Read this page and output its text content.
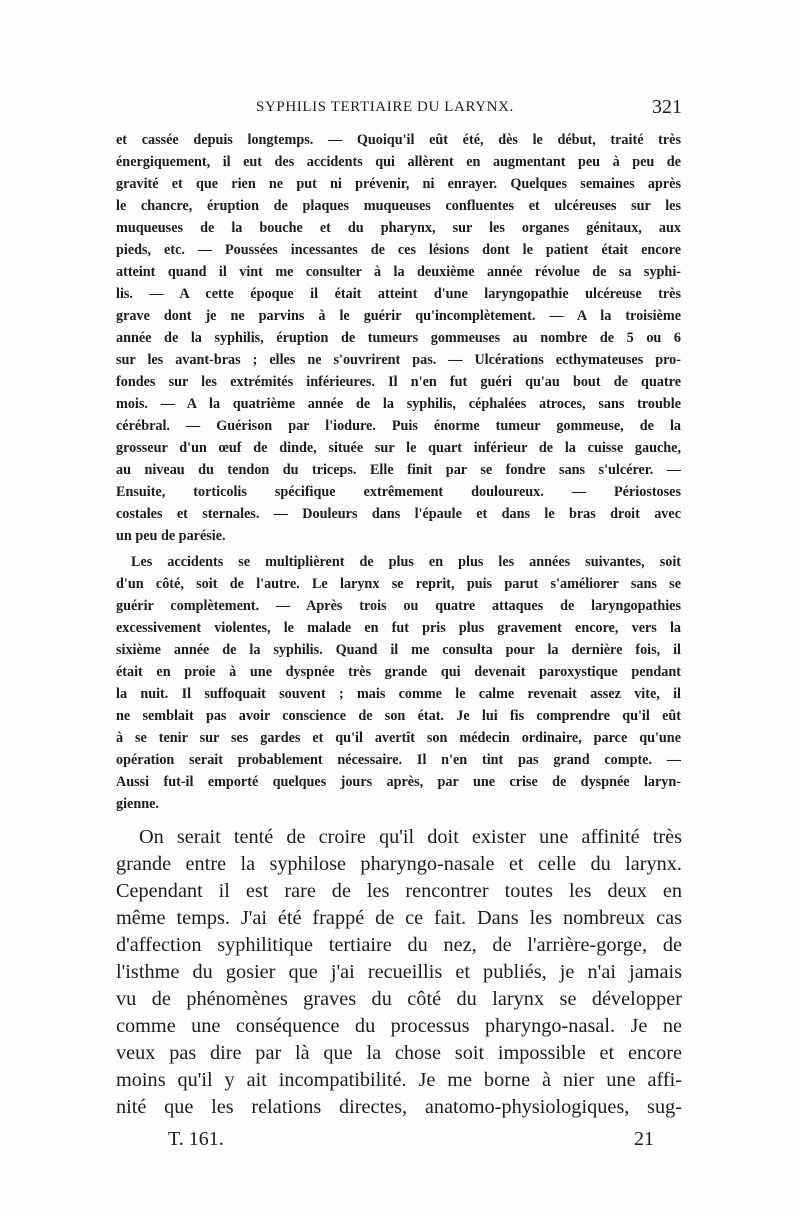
SYPHILIS TERTIAIRE DU LARYNX.	321
et cassée depuis longtemps. — Quoiqu'il eût été, dès le début, traité très
énergiquement, il eut des accidents qui allèrent en augmentant peu à peu de
gravité et que rien ne put ni prévenir, ni enrayer. Quelques semaines après
le chancre, éruption de plaques muqueuses confluentes et ulcéreuses sur les
muqueuses de la bouche et du pharynx, sur les organes génitaux, aux
pieds, etc. — Poussées incessantes de ces lésions dont le patient était encore
atteint quand il vint me consulter à la deuxième année révolue de sa syphi-
lis. — A cette époque il était atteint d'une laryngopathie ulcéreuse très
grave dont je ne parvins à le guérir qu'incomplètement. — A la troisième
année de la syphilis, éruption de tumeurs gommeuses au nombre de 5 ou 6
sur les avant-bras ; elles ne s'ouvrirent pas. — Ulcérations ecthymateuses pro-
fondes sur les extrémités inférieures. Il n'en fut guéri qu'au bout de quatre
mois. — A la quatrième année de la syphilis, céphalées atroces, sans trouble
cérébral. — Guérison par l'iodure. Puis énorme tumeur gommeuse, de la
grosseur d'un œuf de dinde, située sur le quart inférieur de la cuisse gauche,
au niveau du tendon du triceps. Elle finit par se fondre sans s'ulcérer. —
Ensuite, torticolis spécifique extrêmement douloureux. — Périostoses
costales et sternales. — Douleurs dans l'épaule et dans le bras droit avec
un peu de parésie.
Les accidents se multiplièrent de plus en plus les années suivantes, soit
d'un côté, soit de l'autre. Le larynx se reprit, puis parut s'améliorer sans se
guérir complètement. — Après trois ou quatre attaques de laryngopathies
excessivement violentes, le malade en fut pris plus gravement encore, vers la
sixième année de la syphilis. Quand il me consulta pour la dernière fois, il
était en proie à une dyspnée très grande qui devenait paroxystique pendant
la nuit. Il suffoquait souvent ; mais comme le calme revenait assez vite, il
ne semblait pas avoir conscience de son état. Je lui fis comprendre qu'il eût
à se tenir sur ses gardes et qu'il avertît son médecin ordinaire, parce qu'une
opération serait probablement nécessaire. Il n'en tint pas grand compte. —
Aussi fut-il emporté quelques jours après, par une crise de dyspnée laryn-
gienne.
On serait tenté de croire qu'il doit exister une affinité très
grande entre la syphilose pharyngo-nasale et celle du larynx.
Cependant il est rare de les rencontrer toutes les deux en
même temps. J'ai été frappé de ce fait. Dans les nombreux cas
d'affection syphilitique tertiaire du nez, de l'arrière-gorge, de
l'isthme du gosier que j'ai recueillis et publiés, je n'ai jamais
vu de phénomènes graves du côté du larynx se développer
comme une conséquence du processus pharyngo-nasal. Je ne
veux pas dire par là que la chose soit impossible et encore
moins qu'il y ait incompatibilité. Je me borne à nier une affi-
nité que les relations directes, anatomo-physiologiques, sug-
T. 161.	21
